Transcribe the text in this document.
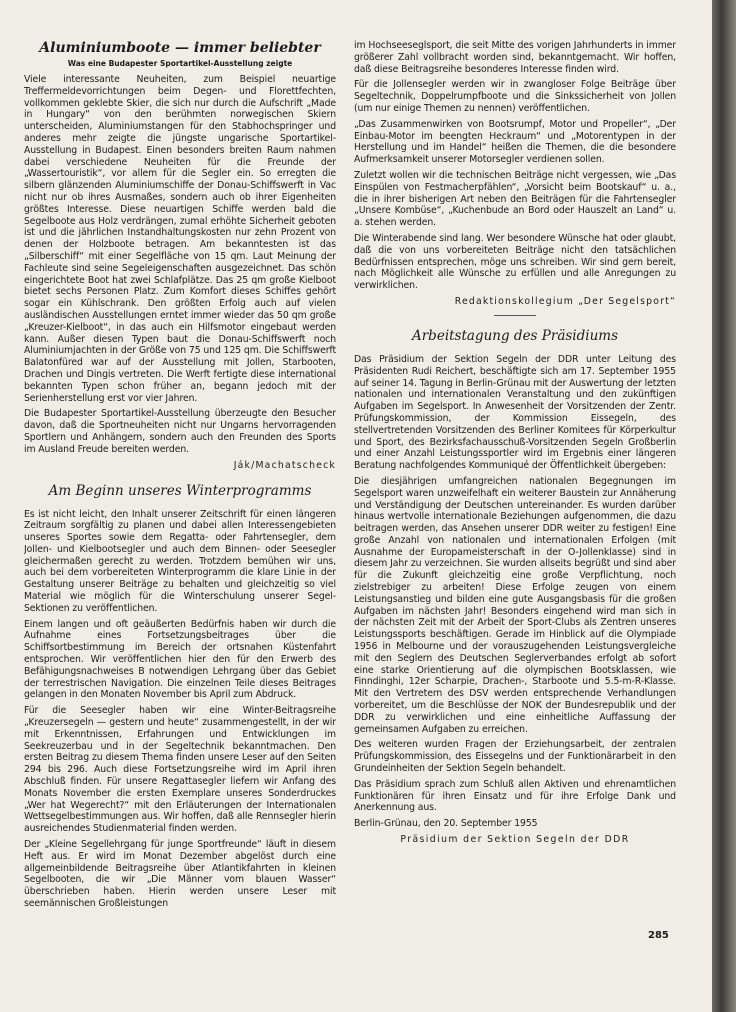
Aluminiumboote — immer beliebter
Was eine Budapester Sportartikel-Ausstellung zeigte

Viele interessante Neuheiten, zum Beispiel neuartige Treffermeldevorrichtungen beim Degen- und Florettfechten, vollkommen geklebte Skier, die sich nur durch die Aufschrift „Made in Hungary“ von den berühmten norwegischen Skiern unterscheiden, Aluminiumstangen für den Stabhochspringer und anderes mehr zeigte die jüngste ungarische Sportartikel-Ausstellung in Budapest. Einen besonders breiten Raum nahmen dabei verschiedene Neuheiten für die Freunde der „Wassertouristik“, vor allem für die Segler ein. So erregten die silbern glänzenden Aluminiumschiffe der Donau-Schiffswerft in Vac nicht nur ob ihres Ausmaßes, sondern auch ob ihrer Eigenheiten größtes Interesse. Diese neuartigen Schiffe werden bald die Segelboote aus Holz verdrängen, zumal erhöhte Sicherheit geboten ist und die jährlichen Instandhaltungskosten nur zehn Prozent von denen der Holzboote betragen. Am bekanntesten ist das „Silberschiff“ mit einer Segelfläche von 15 qm. Laut Meinung der Fachleute sind seine Segeleigenschaften ausgezeichnet. Das schön eingerichtete Boot hat zwei Schlafplätze. Das 25 qm große Kielboot bietet sechs Personen Platz. Zum Komfort dieses Schiffes gehört sogar ein Kühlschrank. Den größten Erfolg auch auf vielen ausländischen Ausstellungen erntet immer wieder das 50 qm große „Kreuzer-Kielboot“, in das auch ein Hilfsmotor eingebaut werden kann. Außer diesen Typen baut die Donau-Schiffswerft noch Aluminiumjachten in der Größe von 75 und 125 qm. Die Schiffswerft Balatonfüred war auf der Ausstellung mit Jollen, Starbooten, Drachen und Dingis vertreten. Die Werft fertigte diese international bekannten Typen schon früher an, begann jedoch mit der Serienherstellung erst vor vier Jahren.

Die Budapester Sportartikel-Ausstellung überzeugte den Besucher davon, daß die Sportneuheiten nicht nur Ungarns hervorragenden Sportlern und Anhängern, sondern auch den Freunden des Sports im Ausland Freude bereiten werden.

Ják/Machatscheck
Am Beginn unseres Winterprogramms

Es ist nicht leicht, den Inhalt unserer Zeitschrift für einen längeren Zeitraum sorgfältig zu planen und dabei allen Interessengebieten unseres Sportes sowie dem Regatta- oder Fahrtensegler, dem Jollen- und Kielbootsegler und auch dem Binnen- oder Seesegler gleichermaßen gerecht zu werden. Trotzdem bemühen wir uns, auch bei dem vorbereiteten Winterprogramm die klare Linie in der Gestaltung unserer Beiträge zu behalten und gleichzeitig so viel Material wie möglich für die Winterschulung unserer Segel-Sektionen zu veröffentlichen.

Einem langen und oft geäußerten Bedürfnis haben wir durch die Aufnahme eines Fortsetzungsbeitrages über die Schiffsortbestimmung im Bereich der ortsnahen Küstenfahrt entsprochen. Wir veröffentlichen hier den für den Erwerb des Befähigungsnachweises B notwendigen Lehrgang über das Gebiet der terrestrischen Navigation. Die einzelnen Teile dieses Beitrages gelangen in den Monaten November bis April zum Abdruck.

Für die Seesegler haben wir eine Winter-Beitragsreihe „Kreuzersegeln — gestern und heute“ zusammengestellt, in der wir mit Erkenntnissen, Erfahrungen und Entwicklungen im Seekreuzerbau und in der Segeltechnik bekanntmachen. Den ersten Beitrag zu diesem Thema finden unsere Leser auf den Seiten 294 bis 296. Auch diese Fortsetzungsreihe wird im April ihren Abschluß finden. Für unsere Regattasegler liefern wir Anfang des Monats November die ersten Exemplare unseres Sonderdruckes „Wer hat Wegerecht?“ mit den Erläuterungen der Internationalen Wettsegelbestimmungen aus. Wir hoffen, daß alle Rennsegler hierin ausreichendes Studienmaterial finden werden.

Der „Kleine Segellehrgang für junge Sportfreunde“ läuft in diesem Heft aus. Er wird im Monat Dezember abgelöst durch eine allgemeinbildende Beitragsreihe über Atlantikfahrten in kleinen Segelbooten, die wir „Die Männer vom blauen Wasser“ überschrieben haben. Hierin werden unsere Leser mit seemännischen Großleistungen

im Hochseeseglsport, die seit Mitte des vorigen Jahrhunderts in immer größerer Zahl vollbracht worden sind, bekanntgemacht. Wir hoffen, daß diese Beitragsreihe besonderes Interesse finden wird.

Für die Jollensegler werden wir in zwangloser Folge Beiträge über Segeltechnik, Doppelrumpfboote und die Sinkssicherheit von Jollen (um nur einige Themen zu nennen) veröffentlichen.

„Das Zusammenwirken von Bootsrumpf, Motor und Propeller“, „Der Einbau-Motor im beengten Heckraum“ und „Motorentypen in der Herstellung und im Handel“ heißen die Themen, die die besondere Aufmerksamkeit unserer Motorsegler verdienen sollen.

Zuletzt wollen wir die technischen Beiträge nicht vergessen, wie „Das Einspülen von Festmacherpfählen“, „Vorsicht beim Bootskauf“ u. a., die in ihrer bisherigen Art neben den Beiträgen für die Fahrtensegler „Unsere Kombüse“, „Kuchenbude an Bord oder Hauszelt an Land“ u. a. stehen werden.

Die Winterabende sind lang. Wer besondere Wünsche hat oder glaubt, daß die von uns vorbereiteten Beiträge nicht den tatsächlichen Bedürfnissen entsprechen, möge uns schreiben. Wir sind gern bereit, nach Möglichkeit alle Wünsche zu erfüllen und alle Anregungen zu verwirklichen.

Redaktionskollegium „Der Segelsport“
Arbeitstagung des Präsidiums

Das Präsidium der Sektion Segeln der DDR unter Leitung des Präsidenten Rudi Reichert, beschäftigte sich am 17. September 1955 auf seiner 14. Tagung in Berlin-Grünau mit der Auswertung der letzten nationalen und internationalen Veranstaltung und den zukünftigen Aufgaben im Segelsport. In Anwesenheit der Vorsitzenden der Zentr. Prüfungskommission, der Kommission Eissegeln, des stellvertretenden Vorsitzenden des Berliner Komitees für Körperkultur und Sport, des Bezirksfachausschuß-Vorsitzenden Segeln Großberlin und einer Anzahl Leistungssportler wird im Ergebnis einer längeren Beratung nachfolgendes Kommuniqué der Öffentlichkeit übergeben:

Die diesjährigen umfangreichen nationalen Begegnungen im Segelsport waren unzweifelhaft ein weiterer Baustein zur Annäherung und Verständigung der Deutschen untereinander. Es wurden darüber hinaus wertvolle internationale Beziehungen aufgenommen, die dazu beitragen werden, das Ansehen unserer DDR weiter zu festigen! Eine große Anzahl von nationalen und internationalen Erfolgen (mit Ausnahme der Europameisterschaft in der O-Jollenklasse) sind in diesem Jahr zu verzeichnen. Sie wurden allseits begrüßt und sind aber für die Zukunft gleichzeitig eine große Verpflichtung, noch zielstrebiger zu arbeiten! Diese Erfolge zeugen von einem Leistungsanstieg und bilden eine gute Ausgangsbasis für die großen Aufgaben im nächsten Jahr! Besonders eingehend wird man sich in der nächsten Zeit mit der Arbeit der Sport-Clubs als Zentren unseres Leistungssports beschäftigen. Gerade im Hinblick auf die Olympiade 1956 in Melbourne und der vorauszugehenden Leistungsvergleiche mit den Seglern des Deutschen Seglerverbandes erfolgt ab sofort eine starke Orientierung auf die olympischen Bootsklassen, wie Finndinghi, 12er Scharpie, Drachen-, Starboote und 5.5-m-R-Klasse. Mit den Vertretern des DSV werden entsprechende Verhandlungen vorbereitet, um die Beschlüsse der NOK der Bundesrepublik und der DDR zu verwirklichen und eine einheitliche Auffassung der gemeinsamen Aufgaben zu erreichen.

Des weiteren wurden Fragen der Erziehungsarbeit, der zentralen Prüfungskommission, des Eissegelns und der Funktionärarbeit in den Grundeinheiten der Sektion Segeln behandelt.

Das Präsidium sprach zum Schluß allen Aktiven und ehrenamtlichen Funktionären für ihren Einsatz und für ihre Erfolge Dank und Anerkennung aus.

Berlin-Grünau, den 20. September 1955

Präsidium der Sektion Segeln der DDR
285
